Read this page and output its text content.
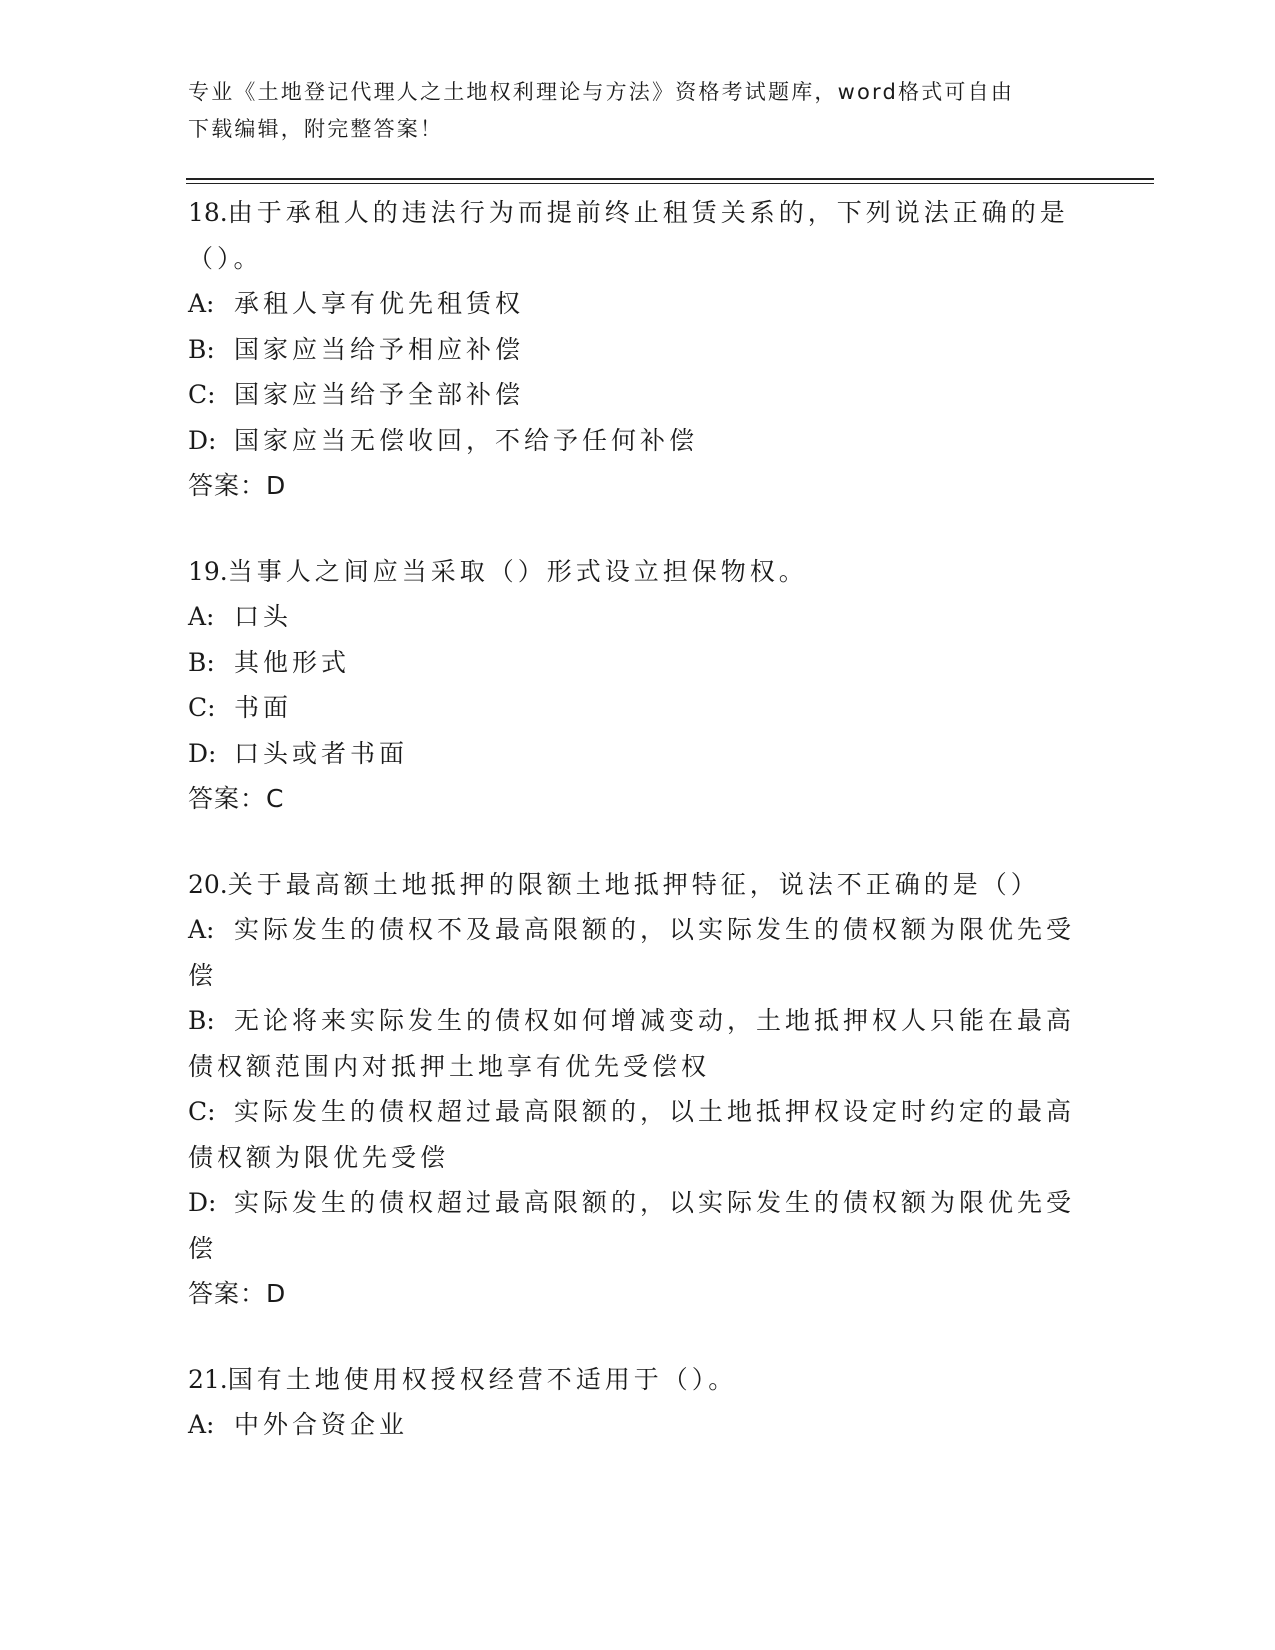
专业《土地登记代理人之土地权利理论与方法》资格考试题库，word格式可自由
下载编辑，附完整答案！
18.由于承租人的违法行为而提前终止租赁关系的，下列说法正确的是
（）。
A: 承租人享有优先租赁权
B: 国家应当给予相应补偿
C: 国家应当给予全部补偿
D: 国家应当无偿收回，不给予任何补偿
答案：D
19.当事人之间应当采取（）形式设立担保物权。
A: 口头
B: 其他形式
C: 书面
D: 口头或者书面
答案：C
20.关于最高额土地抵押的限额土地抵押特征，说法不正确的是（）
A: 实际发生的债权不及最高限额的，以实际发生的债权额为限优先受
偿
B: 无论将来实际发生的债权如何增减变动，土地抵押权人只能在最高
债权额范围内对抵押土地享有优先受偿权
C: 实际发生的债权超过最高限额的，以土地抵押权设定时约定的最高
债权额为限优先受偿
D: 实际发生的债权超过最高限额的，以实际发生的债权额为限优先受
偿
答案：D
21.国有土地使用权授权经营不适用于（）。
A: 中外合资企业
